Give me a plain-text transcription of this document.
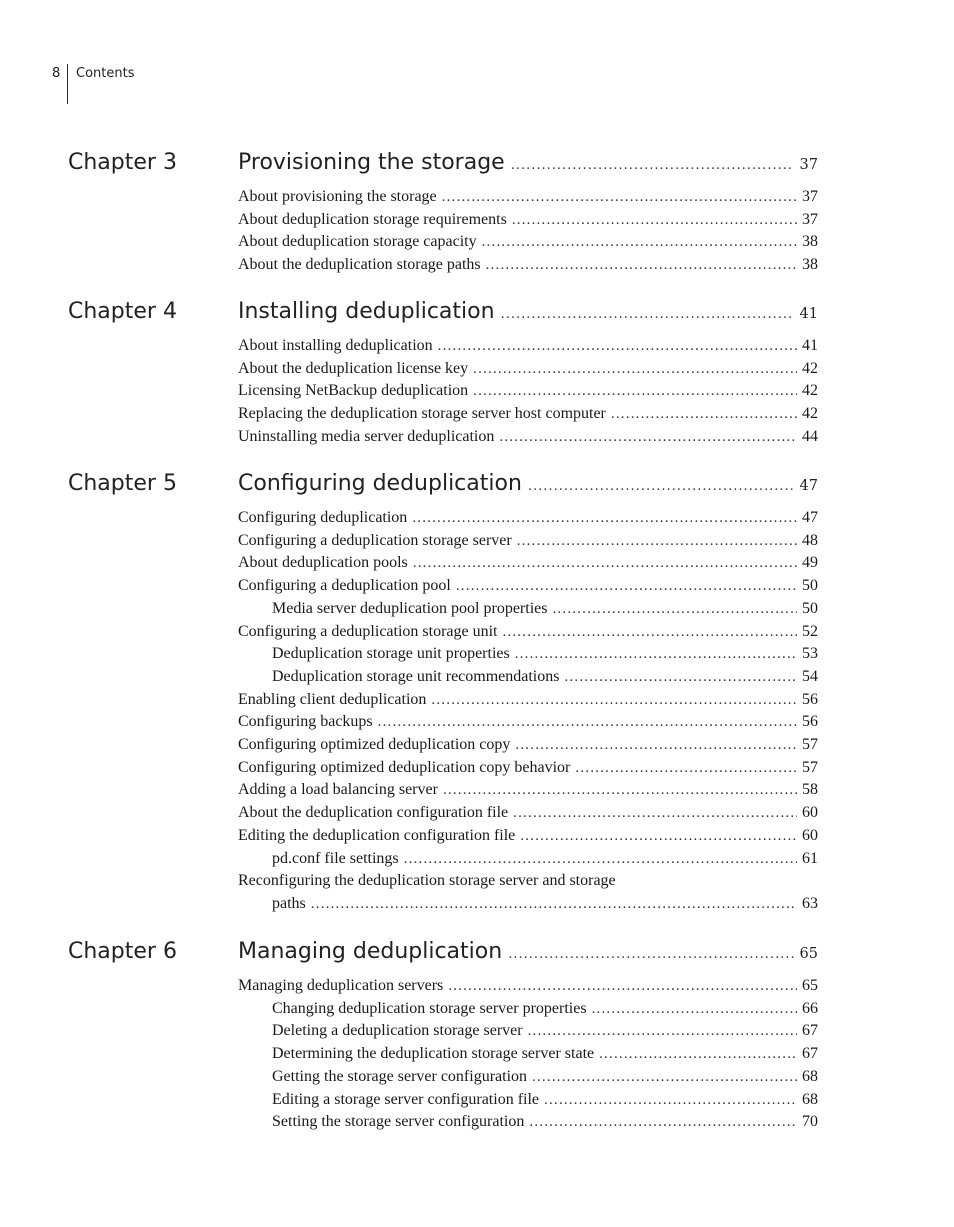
8 Contents
Chapter 3	Provisioning the storage .....	37
About provisioning the storage .....	37
About deduplication storage requirements .....	37
About deduplication storage capacity .....	38
About the deduplication storage paths .....	38
Chapter 4	Installing deduplication .....	41
About installing deduplication .....	41
About the deduplication license key .....	42
Licensing NetBackup deduplication .....	42
Replacing the deduplication storage server host computer .....	42
Uninstalling media server deduplication .....	44
Chapter 5	Configuring deduplication .....	47
Configuring deduplication .....	47
Configuring a deduplication storage server .....	48
About deduplication pools .....	49
Configuring a deduplication pool .....	50
Media server deduplication pool properties .....	50
Configuring a deduplication storage unit .....	52
Deduplication storage unit properties .....	53
Deduplication storage unit recommendations .....	54
Enabling client deduplication .....	56
Configuring backups .....	56
Configuring optimized deduplication copy .....	57
Configuring optimized deduplication copy behavior .....	57
Adding a load balancing server .....	58
About the deduplication configuration file .....	60
Editing the deduplication configuration file .....	60
pd.conf file settings .....	61
Reconfiguring the deduplication storage server and storage
paths .....	63
Chapter 6	Managing deduplication .....	65
Managing deduplication servers .....	65
Changing deduplication storage server properties .....	66
Deleting a deduplication storage server .....	67
Determining the deduplication storage server state .....	67
Getting the storage server configuration .....	68
Editing a storage server configuration file .....	68
Setting the storage server configuration .....	70
